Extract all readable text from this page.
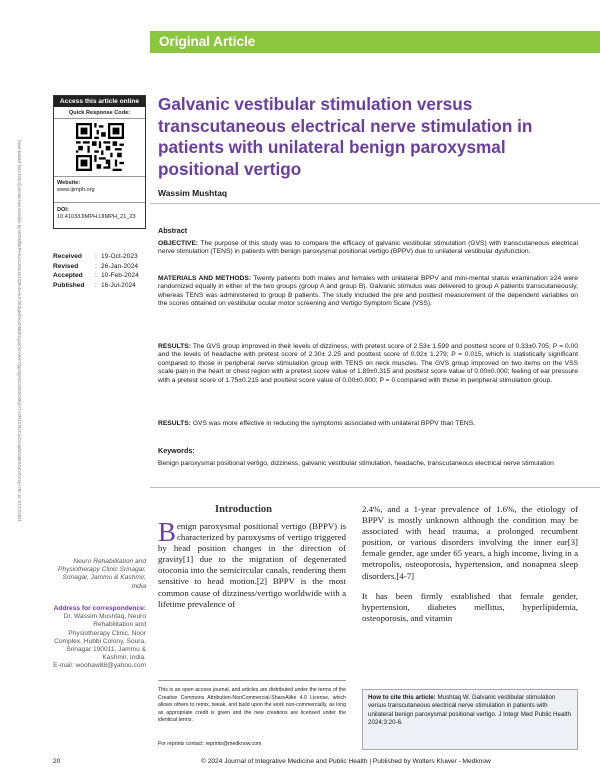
Original Article
Access this article online
Quick Response Code:
Website:
www.ijimph.org
DOI:
10.4103/IJIMPH.IJIMPH_21_23
Downloaded from http://journals.lww.com/ijim by BhDMf5ePHKav1zEoum1tQfN4a+kJLhEZgbsIHo4XMi0hCywCX1AWnYQp/IlQrHD3i3D0OdRyi7TvSFl4Cf3VC4/OAVpDDa8KKGKV0Ymy+78= on 07/17/2024	Received	: 19-Oct-2023
Revised	: 26-Jan-2024
Accepted	: 10-Feb-2024
Published	: 16-Jul-2024
Galvanic vestibular stimulation versus transcutaneous electrical nerve stimulation in patients with unilateral benign paroxysmal positional vertigo
Wassim Mushtaq
Abstract
OBJECTIVE: The purpose of this study was to compare the efficacy of galvanic vestibular stimulation (GVS) with transcutaneous electrical nerve stimulation (TENS) in patients with benign paroxysmal positional vertigo (BPPV) due to unilateral vestibular dysfunction.
MATERIALS AND METHODS: Twenty patients both males and females with unilateral BPPV and mini-mental status examination ≥24 were randomized equally in either of the two groups (group A and group B). Galvanic stimulus was delivered to group A patients transcutaneously, whereas TENS was administered to group B patients. The study included the pre and posttest measurement of the dependent variables on the scores obtained on vestibular ocular motor screening and Vertigo Symptom Scale (VSS).
RESULTS: The GVS group improved in their levels of dizziness, with pretest score of 2.53± 1.599 and posttest score of 0.33±0.705; P = 0.00 and the levels of headache with pretest score of 2.30± 2.25 and posttest score of 0.92± 1.279; P = 0.015, which is statistically significant compared to those in peripheral nerve stimulation group with TENS on neck muscles. The GVS group improved on two items on the VSS scale pain in the heart or chest region with a pretest score value of 1.89±0.315 and posttest score value of 0.00±0.000; feeling of ear pressure with a pretest score of 1.75±0.215 and posttest score value of 0.00±0.000; P = 0 compared with those in peripheral stimulation group.
RESULTS: GVS was more effective in reducing the symptoms associated with unilateral BPPV than TENS.
Keywords:
Benign paroxysmal positional vertigo, dizziness, galvanic vestibular stimulation, headache, transcutaneous electrical nerve stimulation
Introduction
Benign paroxysmal positional vertigo (BPPV) is characterized by paroxysms of vertigo triggered by head position changes in the direction of gravity[1] due to the migration of degenerated otoconia into the semicircular canals, rendering them sensitive to head motion.[2] BPPV is the most common cause of dizziness/vertigo worldwide with a lifetime prevalence of

2.4%, and a 1-year prevalence of 1.6%, the etiology of BPPV is mostly unknown although the condition may be associated with head trauma, a prolonged recumbent position, or various disorders involving the inner ear[3] female gender, age under 65 years, a high income, living in a metropolis, osteoporosis, hypertension, and nonapnea sleep disorders.[4-7]

It has been firmly established that female gender, hypertension, diabetes mellitus, hyperlipidemia, osteoporosis, and vitamin

Neuro Rehabilitation and Physiotherapy Clinic Srinagar, Srinagar, Jammu & Kashmir, India
Address for correspondence:
Dr. Wassim Mushtaq, Neuro Rehabilitation and Physiotherapy Clinic, Noor Complex, Hubbi Colony, Soura, Srinagar 190011, Jammu & Kashmir, India.
E-mail: woohaw88@yahoo.com
This is an open access journal, and articles are distributed under the terms of the Creative Commons Attribution-NonCommercial-ShareAlike 4.0 License, which allows others to remix, tweak, and build upon the work non-commercially, as long as appropriate credit is given and the new creations are licensed under the identical terms.
For reprints contact: reprints@medknow.com
How to cite this article: Mushtaq W. Galvanic vestibular stimulation versus transcutaneous electrical nerve stimulation in patients with unilateral benign paroxysmal positional vertigo. J Integr Med Public Health 2024;3:20-6.
20	© 2024 Journal of Integrative Medicine and Public Health | Published by Wolters Kluwer - Medknow
